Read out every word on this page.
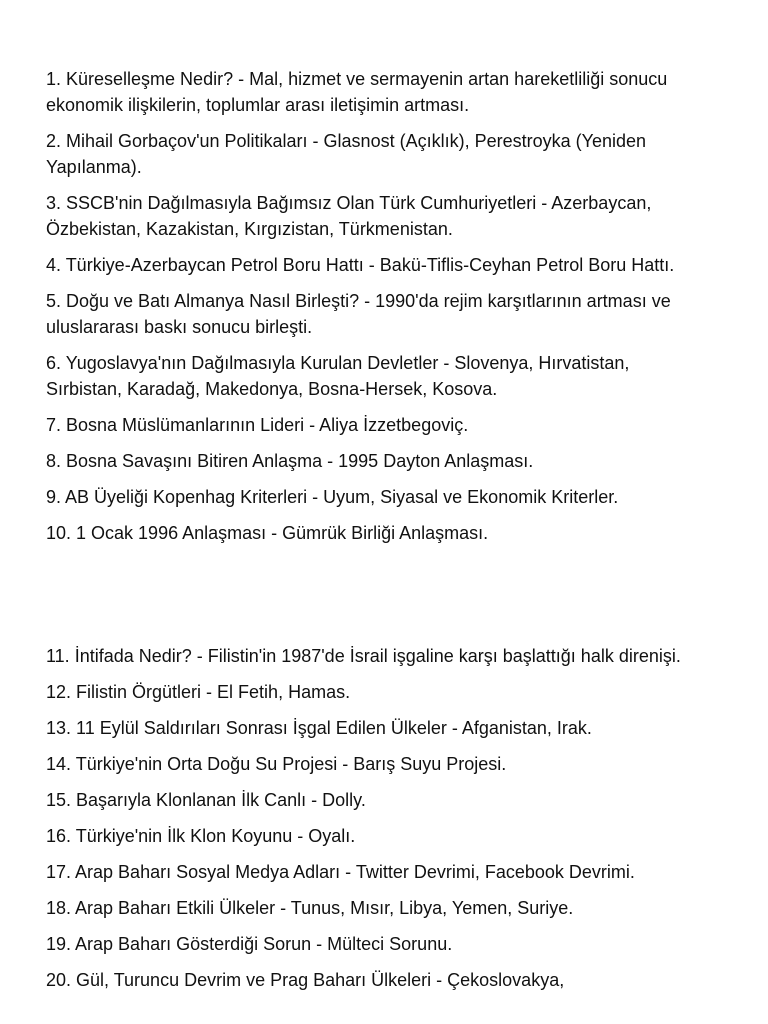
1. Küreselleşme Nedir? - Mal, hizmet ve sermayenin artan hareketliliği sonucu ekonomik ilişkilerin, toplumlar arası iletişimin artması.
2. Mihail Gorbaçov'un Politikaları - Glasnost (Açıklık), Perestroyka (Yeniden Yapılanma).
3. SSCB'nin Dağılmasıyla Bağımsız Olan Türk Cumhuriyetleri - Azerbaycan, Özbekistan, Kazakistan, Kırgızistan, Türkmenistan.
4. Türkiye-Azerbaycan Petrol Boru Hattı - Bakü-Tiflis-Ceyhan Petrol Boru Hattı.
5. Doğu ve Batı Almanya Nasıl Birleşti? - 1990'da rejim karşıtlarının artması ve uluslararası baskı sonucu birleşti.
6. Yugoslavya'nın Dağılmasıyla Kurulan Devletler - Slovenya, Hırvatistan, Sırbistan, Karadağ, Makedonya, Bosna-Hersek, Kosova.
7. Bosna Müslümanlarının Lideri - Aliya İzzetbegoviç.
8. Bosna Savaşını Bitiren Anlaşma - 1995 Dayton Anlaşması.
9. AB Üyeliği Kopenhag Kriterleri - Uyum, Siyasal ve Ekonomik Kriterler.
10. 1 Ocak 1996 Anlaşması - Gümrük Birliği Anlaşması.
11. İntifada Nedir? - Filistin'in 1987'de İsrail işgaline karşı başlattığı halk direnişi.
12. Filistin Örgütleri - El Fetih, Hamas.
13. 11 Eylül Saldırıları Sonrası İşgal Edilen Ülkeler - Afganistan, Irak.
14. Türkiye'nin Orta Doğu Su Projesi - Barış Suyu Projesi.
15. Başarıyla Klonlanan İlk Canlı - Dolly.
16. Türkiye'nin İlk Klon Koyunu - Oyalı.
17. Arap Baharı Sosyal Medya Adları - Twitter Devrimi, Facebook Devrimi.
18. Arap Baharı Etkili Ülkeler - Tunus, Mısır, Libya, Yemen, Suriye.
19. Arap Baharı Gösterdiği Sorun - Mülteci Sorunu.
20. Gül, Turuncu Devrim ve Prag Baharı Ülkeleri - Çekoslovakya,
